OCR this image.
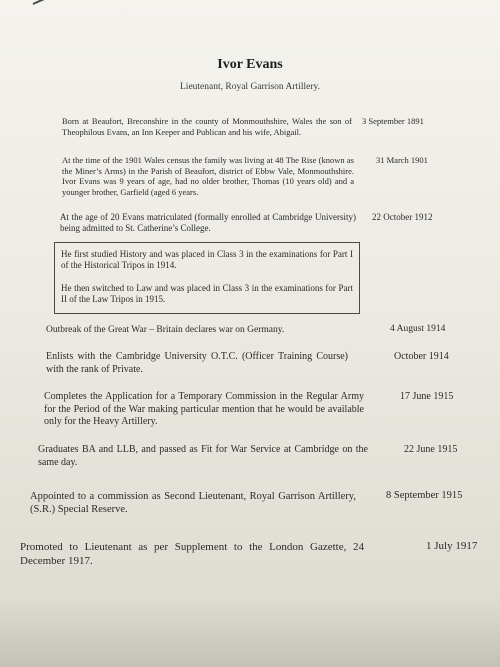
Ivor Evans
Lieutenant, Royal Garrison Artillery.
Born at Beaufort, Breconshire in the county of Monmouthshire, Wales the son of Theophilous Evans, an Inn Keeper and Publican and his wife, Abigail.
3 September 1891
At the time of the 1901 Wales census the family was living at 48 The Rise (known as the Miner’s Arms) in the Parish of Beaufort, district of Ebbw Vale, Monmouthshire. Ivor Evans was 9 years of age, had no older brother, Thomas (10 years old) and a younger brother, Garfield (aged 6 years.
31 March 1901
At the age of 20 Evans matriculated (formally enrolled at Cambridge University) being admitted to St. Catherine’s College.
22 October 1912

He first studied History and was placed in Class 3 in the examinations for Part I of the Historical Tripos in 1914.

He then switched to Law and was placed in Class 3 in the examinations for Part II of the Law Tripos in 1915.

Outbreak of the Great War – Britain declares war on Germany.	4 August 1914
Enlists with the Cambridge University O.T.C. (Officer Training Course) with the rank of Private.
October 1914
Completes the Application for a Temporary Commission in the Regular Army for the Period of the War making particular mention that he would be available only for the Heavy Artillery.
17 June 1915
Graduates BA and LLB, and passed as Fit for War Service at Cambridge on the same day.
22 June 1915
Appointed to a commission as Second Lieutenant, Royal Garrison Artillery, (S.R.) Special Reserve.
8 September 1915
Promoted to Lieutenant as per Supplement to the London Gazette, 24 December 1917.
1 July 1917
